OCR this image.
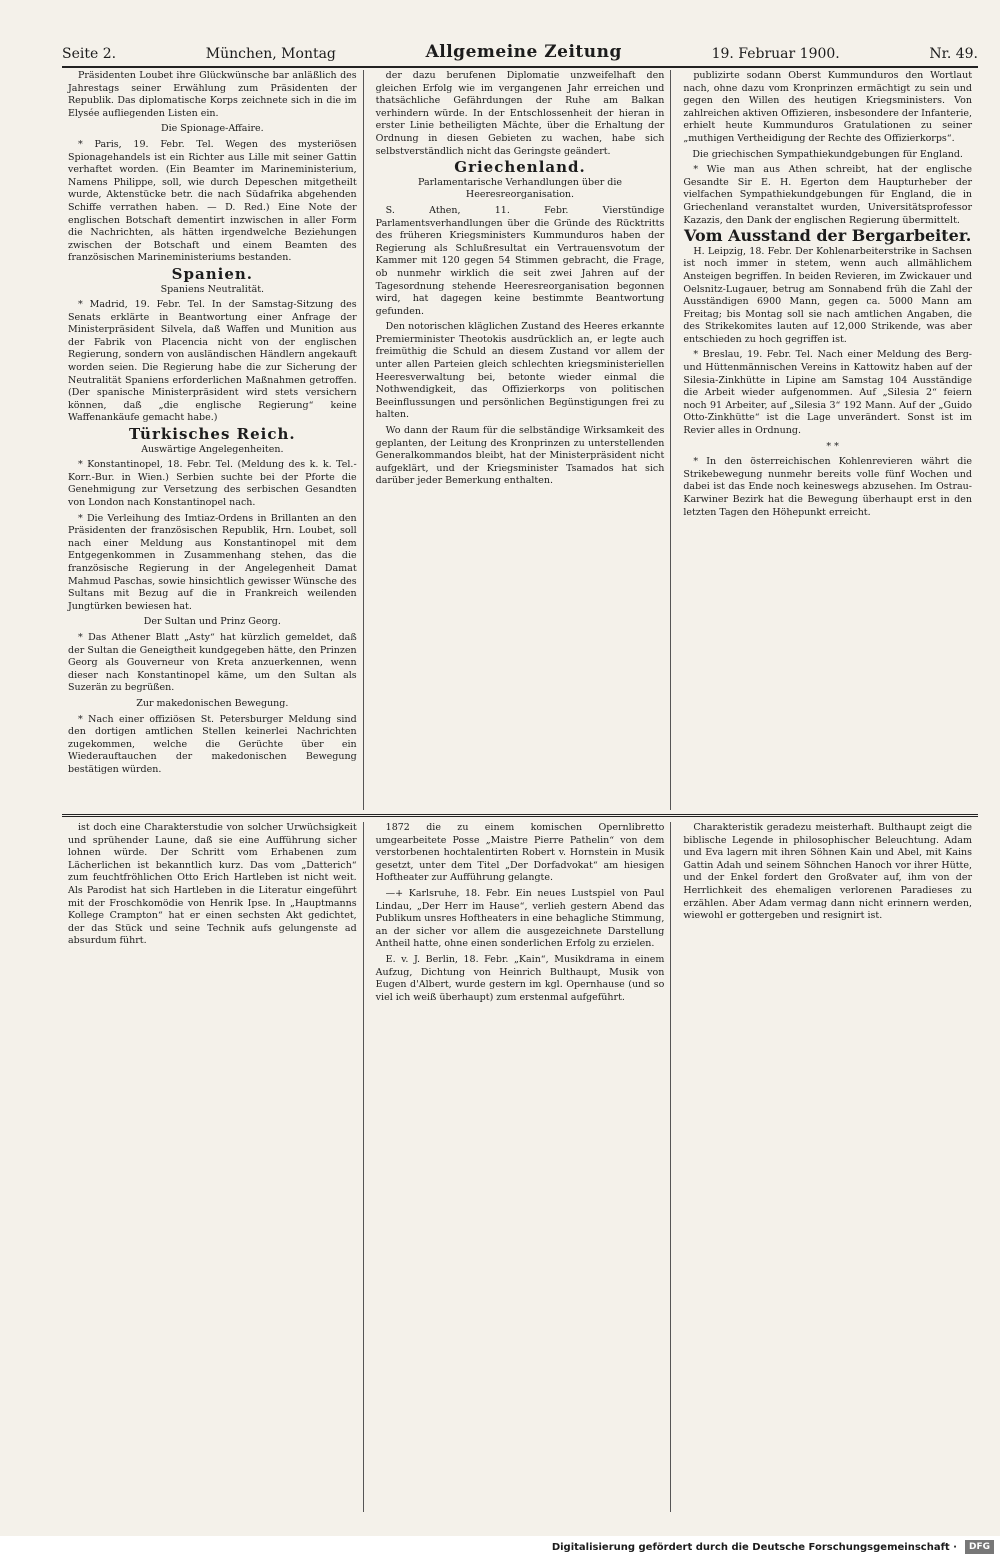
Seite 2.	München, Montag	Allgemeine Zeitung	19. Februar 1900.	Nr. 49.

Präsidenten Loubet ihre Glückwünsche bar anläßlich des Jahrestags seiner Erwählung zum Präsidenten der Republik. Das diplomatische Korps zeichnete sich in die im Elysée aufliegenden Listen ein.

Die Spionage-Affaire.

* Paris, 19. Febr. Tel. Wegen des mysteriösen Spionagehandels ist ein Richter aus Lille mit seiner Gattin verhaftet worden. (Ein Beamter im Marineministerium, Namens Philippe, soll, wie durch Depeschen mitgetheilt wurde, Aktenstücke betr. die nach Südafrika abgehenden Schiffe verrathen haben. — D. Red.) Eine Note der englischen Botschaft dementirt inzwischen in aller Form die Nachrichten, als hätten irgendwelche Beziehungen zwischen der Botschaft und einem Beamten des französischen Marineministeriums bestanden.

Spanien.

Spaniens Neutralität.

* Madrid, 19. Febr. Tel. In der Samstag-Sitzung des Senats erklärte in Beantwortung einer Anfrage der Ministerpräsident Silvela, daß Waffen und Munition aus der Fabrik von Placencia nicht von der englischen Regierung, sondern von ausländischen Händlern angekauft worden seien. Die Regierung habe die zur Sicherung der Neutralität Spaniens erforderlichen Maßnahmen getroffen. (Der spanische Ministerpräsident wird stets versichern können, daß „die englische Regierung“ keine Waffenankäufe gemacht habe.)

Türkisches Reich.

Auswärtige Angelegenheiten.

* Konstantinopel, 18. Febr. Tel. (Meldung des k. k. Tel.-Korr.-Bur. in Wien.) Serbien suchte bei der Pforte die Genehmigung zur Versetzung des serbischen Gesandten von London nach Konstantinopel nach.

* Die Verleihung des Imtiaz-Ordens in Brillanten an den Präsidenten der französischen Republik, Hrn. Loubet, soll nach einer Meldung aus Konstantinopel mit dem Entgegenkommen in Zusammenhang stehen, das die französische Regierung in der Angelegenheit Damat Mahmud Paschas, sowie hinsichtlich gewisser Wünsche des Sultans mit Bezug auf die in Frankreich weilenden Jungtürken bewiesen hat.

Der Sultan und Prinz Georg.

* Das Athener Blatt „Asty“ hat kürzlich gemeldet, daß der Sultan die Geneigtheit kundgegeben hätte, den Prinzen Georg als Gouverneur von Kreta anzuerkennen, wenn dieser nach Konstantinopel käme, um den Sultan als Suzerän zu begrüßen.

Zur makedonischen Bewegung.

* Nach einer offiziösen St. Petersburger Meldung sind den dortigen amtlichen Stellen keinerlei Nachrichten zugekommen, welche die Gerüchte über ein Wiederauftauchen der makedonischen Bewegung bestätigen würden.

der dazu berufenen Diplomatie unzweifelhaft den gleichen Erfolg wie im vergangenen Jahr erreichen und thatsächliche Gefährdungen der Ruhe am Balkan verhindern würde. In der Entschlossenheit der hieran in erster Linie betheiligten Mächte, über die Erhaltung der Ordnung in diesen Gebieten zu wachen, habe sich selbstverständlich nicht das Geringste geändert.

Griechenland.

Parlamentarische Verhandlungen über die Heeresreorganisation.

S. Athen, 11. Febr. Vierstündige Parlamentsverhandlungen über die Gründe des Rücktritts des früheren Kriegsministers Kummunduros haben der Regierung als Schlußresultat ein Vertrauensvotum der Kammer mit 120 gegen 54 Stimmen gebracht, die Frage, ob nunmehr wirklich die seit zwei Jahren auf der Tagesordnung stehende Heeresreorganisation begonnen wird, hat dagegen keine bestimmte Beantwortung gefunden.

Den notorischen kläglichen Zustand des Heeres erkannte Premierminister Theotokis ausdrücklich an, er legte auch freimüthig die Schuld an diesem Zustand vor allem der unter allen Parteien gleich schlechten kriegsministeriellen Heeresverwaltung bei, betonte wieder einmal die Nothwendigkeit, das Offizierkorps von politischen Beeinflussungen und persönlichen Begünstigungen frei zu halten.

Wo dann der Raum für die selbständige Wirksamkeit des geplanten, der Leitung des Kronprinzen zu unterstellenden Generalkommandos bleibt, hat der Ministerpräsident nicht aufgeklärt, und der Kriegsminister Tsamados hat sich darüber jeder Bemerkung enthalten.

publizirte sodann Oberst Kummunduros den Wortlaut nach, ohne dazu vom Kronprinzen ermächtigt zu sein und gegen den Willen des heutigen Kriegsministers. Von zahlreichen aktiven Offizieren, insbesondere der Infanterie, erhielt heute Kummunduros Gratulationen zu seiner „muthigen Vertheidigung der Rechte des Offizierkorps“.

Die griechischen Sympathiekundgebungen für England.

* Wie man aus Athen schreibt, hat der englische Gesandte Sir E. H. Egerton dem Haupturheber der vielfachen Sympathiekundgebungen für England, die in Griechenland veranstaltet wurden, Universitätsprofessor Kazazis, den Dank der englischen Regierung übermittelt.

Vom Ausstand der Bergarbeiter.

H. Leipzig, 18. Febr. Der Kohlenarbeiterstrike in Sachsen ist noch immer in stetem, wenn auch allmählichem Ansteigen begriffen. In beiden Revieren, im Zwickauer und Oelsnitz-Lugauer, betrug am Sonnabend früh die Zahl der Ausständigen 6900 Mann, gegen ca. 5000 Mann am Freitag; bis Montag soll sie nach amtlichen Angaben, die des Strikekomites lauten auf 12,000 Strikende, was aber entschieden zu hoch gegriffen ist.

* Breslau, 19. Febr. Tel. Nach einer Meldung des Berg- und Hüttenmännischen Vereins in Kattowitz haben auf der Silesia-Zinkhütte in Lipine am Samstag 104 Ausständige die Arbeit wieder aufgenommen. Auf „Silesia 2“ feiern noch 91 Arbeiter, auf „Silesia 3“ 192 Mann. Auf der „Guido Otto-Zinkhütte“ ist die Lage unverändert. Sonst ist im Revier alles in Ordnung.

* *

* In den österreichischen Kohlenrevieren währt die Strikebewegung nunmehr bereits volle fünf Wochen und dabei ist das Ende noch keineswegs abzusehen. Im Ostrau-Karwiner Bezirk hat die Bewegung überhaupt erst in den letzten Tagen den Höhepunkt erreicht.

ist doch eine Charakterstudie von solcher Urwüchsigkeit und sprühender Laune, daß sie eine Aufführung sicher lohnen würde. Der Schritt vom Erhabenen zum Lächerlichen ist bekanntlich kurz. Das vom „Datterich“ zum feuchtfröhlichen Otto Erich Hartleben ist nicht weit. Als Parodist hat sich Hartleben in die Literatur eingeführt mit der Froschkomödie von Henrik Ipse. In „Hauptmanns Kollege Crampton“ hat er einen sechsten Akt gedichtet, der das Stück und seine Technik aufs gelungenste ad absurdum führt.

1872 die zu einem komischen Opernlibretto umgearbeitete Posse „Maistre Pierre Pathelin“ von dem verstorbenen hochtalentirten Robert v. Hornstein in Musik gesetzt, unter dem Titel „Der Dorfadvokat“ am hiesigen Hoftheater zur Aufführung gelangte.

—+ Karlsruhe, 18. Febr. Ein neues Lustspiel von Paul Lindau, „Der Herr im Hause“, verlieh gestern Abend das Publikum unsres Hoftheaters in eine behagliche Stimmung, an der sicher vor allem die ausgezeichnete Darstellung Antheil hatte, ohne einen sonderlichen Erfolg zu erzielen.

E. v. J. Berlin, 18. Febr. „Kain“, Musikdrama in einem Aufzug, Dichtung von Heinrich Bulthaupt, Musik von Eugen d'Albert, wurde gestern im kgl. Opernhause (und so viel ich weiß überhaupt) zum erstenmal aufgeführt.

Charakteristik geradezu meisterhaft. Bulthaupt zeigt die biblische Legende in philosophischer Beleuchtung. Adam und Eva lagern mit ihren Söhnen Kain und Abel, mit Kains Gattin Adah und seinem Söhnchen Hanoch vor ihrer Hütte, und der Enkel fordert den Großvater auf, ihm von der Herrlichkeit des ehemaligen verlorenen Paradieses zu erzählen. Aber Adam vermag dann nicht erinnern werden, wiewohl er gottergeben und resignirt ist.

Digitalisierung gefördert durch die Deutsche Forschungsgemeinschaft ·	DFG
